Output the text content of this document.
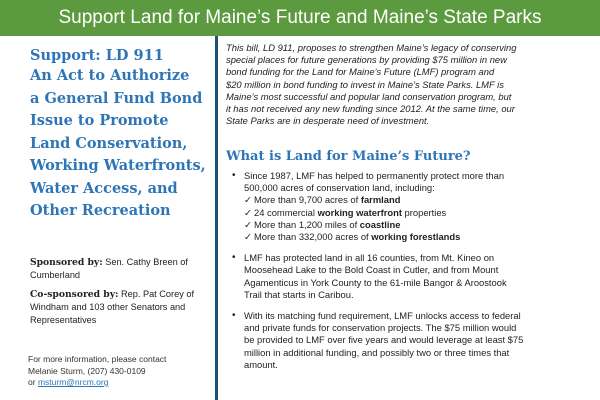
Support Land for Maine’s Future and Maine’s State Parks
Support: LD 911
An Act to Authorize
a General Fund Bond
Issue to Promote
Land Conservation,
Working Waterfronts,
Water Access, and
Other Recreation
Sponsored by: Sen. Cathy Breen of Cumberland
Co-sponsored by: Rep. Pat Corey of Windham and 103 other Senators and Representatives
For more information, please contact
Melanie Sturm, (207) 430-0109
or msturm@nrcm.org

This bill, LD 911, proposes to strengthen Maine’s legacy of conserving
special places for future generations by providing $75 million in new
bond funding for the Land for Maine’s Future (LMF) program and
$20 million in bond funding to invest in Maine’s State Parks. LMF is
Maine’s most successful and popular land conservation program, but
it has not received any new funding since 2012. At the same time, our
State Parks are in desperate need of investment.

What is Land for Maine’s Future?
• Since 1987, LMF has helped to permanently protect more than
500,000 acres of conservation land, including:
✓ More than 9,700 acres of farmland
✓ 24 commercial working waterfront properties
✓ More than 1,200 miles of coastline
✓ More than 332,000 acres of working forestlands
• LMF has protected land in all 16 counties, from Mt. Kineo on
Moosehead Lake to the Bold Coast in Cutler, and from Mount
Agamenticus in York County to the 61-mile Bangor & Aroostook
Trail that starts in Caribou.
• With its matching fund requirement, LMF unlocks access to federal
and private funds for conservation projects. The $75 million would
be provided to LMF over five years and would leverage at least $75
million in additional funding, and possibly two or three times that
amount.
